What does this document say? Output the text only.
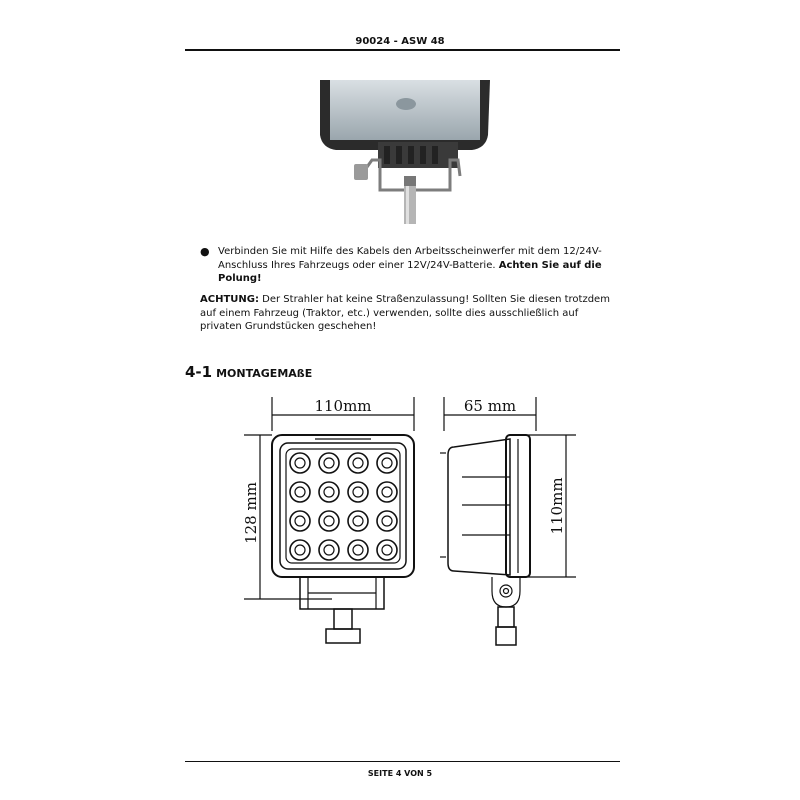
90024 - ASW 48
● Verbinden Sie mit Hilfe des Kabels den Arbeitsscheinwerfer mit dem 12/24V-Anschluss Ihres Fahrzeugs oder einer 12V/24V-Batterie. Achten Sie auf die Polung!
ACHTUNG: Der Strahler hat keine Straßenzulassung! Sollten Sie diesen trotzdem auf einem Fahrzeug (Traktor, etc.) verwenden, sollte dies ausschließlich auf privaten Grundstücken geschehen!
4-1 MONTAGEMAßE
110mm	65 mm
128 mm	110mm
SEITE 4 VON 5
